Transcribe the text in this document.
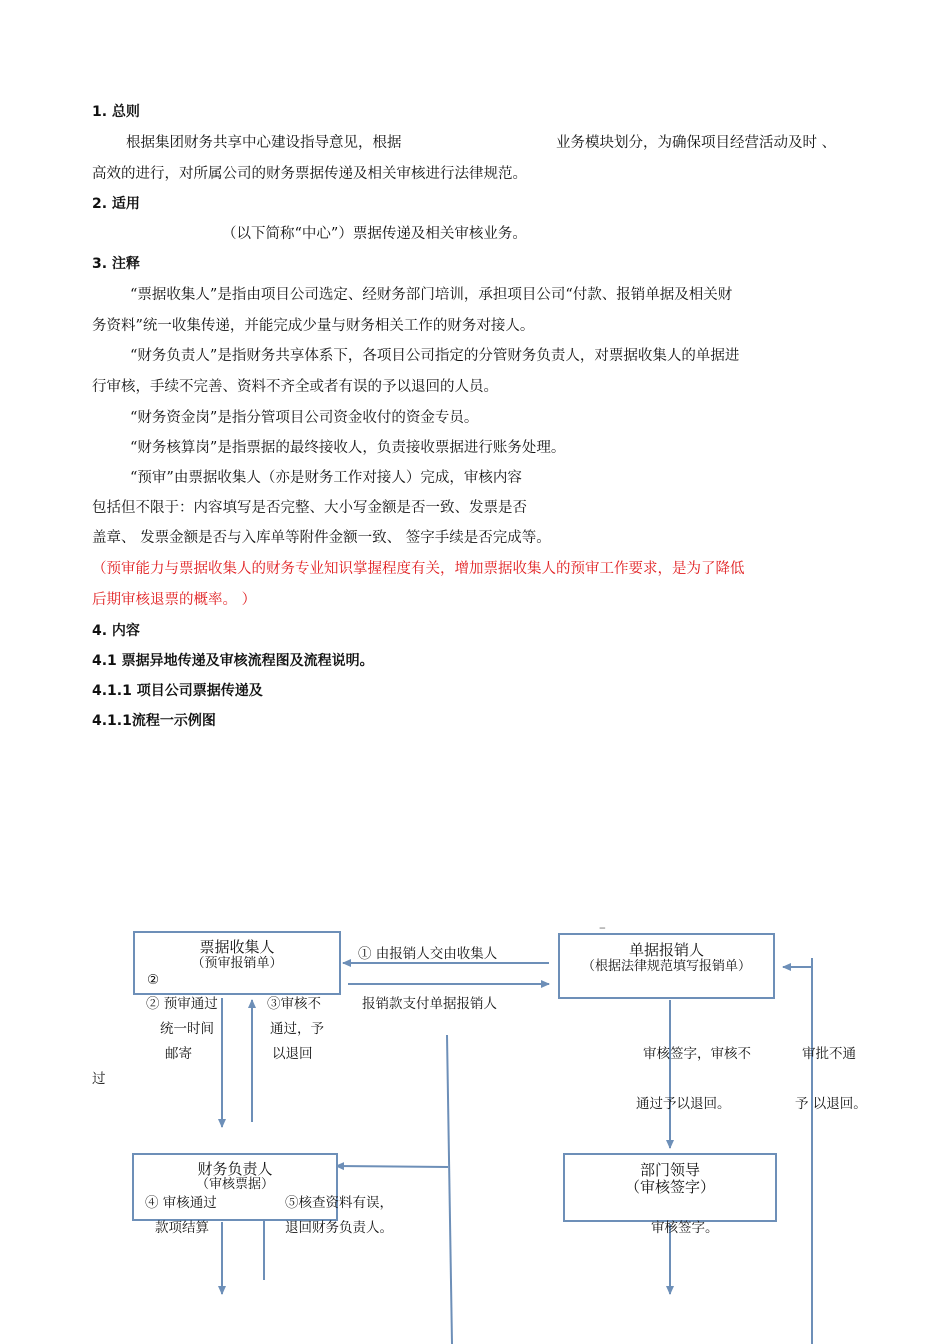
1. 总则
根据集团财务共享中心建设指导意见，根据	业务模块划分，为确保项目经营活动及时 、
高效的进行，对所属公司的财务票据传递及相关审核进行法律规范。
2. 适用
（以下简称“中心”）票据传递及相关审核业务。
3. 注释
“票据收集人”是指由项目公司选定、经财务部门培训，承担项目公司“付款、报销单据及相关财
务资料”统一收集传递，并能完成少量与财务相关工作的财务对接人。
“财务负责人”是指财务共享体系下，各项目公司指定的分管财务负责人，对票据收集人的单据进
行审核，手续不完善、资料不齐全或者有误的予以退回的人员。
“财务资金岗”是指分管项目公司资金收付的资金专员。
“财务核算岗”是指票据的最终接收人，负责接收票据进行账务处理。
“预审”由票据收集人（亦是财务工作对接人）完成，审核内容
包括但不限于：内容填写是否完整、大小写金额是否一致、发票是否
盖章、 发票金额是否与入库单等附件金额一致、 签字手续是否完成等。
（预审能力与票据收集人的财务专业知识掌握程度有关，增加票据收集人的预审工作要求，是为了降低
后期审核退票的概率。 ）
4. 内容
4.1 票据异地传递及审核流程图及流程说明。
4.1.1 项目公司票据传递及
4.1.1流程一示例图
票据收集人
（预审报销单）
②
单据报销人
（根据法律规范填写报销单）
财务负责人
（审核票据）
部门领导
（审核签字）
–
① 由报销人交由收集人
报销款支付单据报销人
② 预审通过
统一时间
邮寄
③审核不
通过，予
以退回
过
审核签字，审核不
通过予以退回。
审批不通
予 以退回。
④ 审核通过
款项结算
⑤核查资料有误，
退回财务负责人。	审核签字。
